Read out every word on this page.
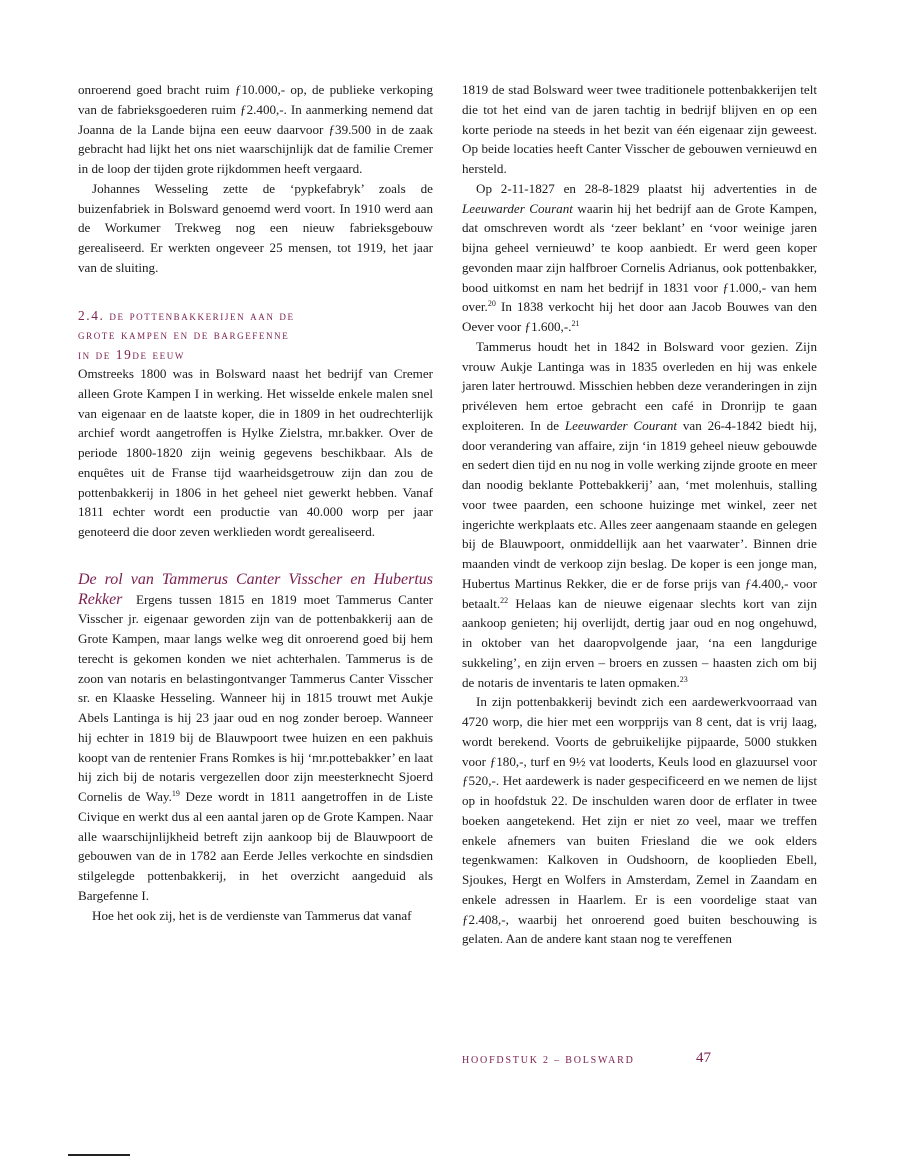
onroerend goed bracht ruim ƒ10.000,- op, de publieke verkoping van de fabrieksgoederen ruim ƒ2.400,-. In aanmerking nemend dat Joanna de la Lande bijna een eeuw daarvoor ƒ39.500 in de zaak gebracht had lijkt het ons niet waarschijnlijk dat de familie Cremer in de loop der tijden grote rijkdommen heeft vergaard.

Johannes Wesseling zette de ‘pypkefabryk’ zoals de buizenfabriek in Bolsward genoemd werd voort. In 1910 werd aan de Workumer Trekweg nog een nieuw fabrieksgebouw gerealiseerd. Er werkten ongeveer 25 mensen, tot 1919, het jaar van de sluiting.

2.4. de pottenbakkerijen aan de
grote kampen en de bargefenne
in de 19de eeuw

Omstreeks 1800 was in Bolsward naast het bedrijf van Cremer alleen Grote Kampen I in werking. Het wisselde enkele malen snel van eigenaar en de laatste koper, die in 1809 in het oudrechterlijk archief wordt aangetroffen is Hylke Zielstra, mr.bakker. Over de periode 1800-1820 zijn weinig gegevens beschikbaar. Als de enquêtes uit de Franse tijd waarheidsgetrouw zijn dan zou de pottenbakkerij in 1806 in het geheel niet gewerkt hebben. Vanaf 1811 echter wordt een productie van 40.000 worp per jaar genoteerd die door zeven werklieden wordt gerealiseerd.

De rol van Tammerus Canter Visscher en Hubertus Rekker Ergens tussen 1815 en 1819 moet Tammerus Canter Visscher jr. eigenaar geworden zijn van de pottenbakkerij aan de Grote Kampen, maar langs welke weg dit onroerend goed bij hem terecht is gekomen konden we niet achterhalen. Tammerus is de zoon van notaris en belastingontvanger Tammerus Canter Visscher sr. en Klaaske Hesseling. Wanneer hij in 1815 trouwt met Aukje Abels Lantinga is hij 23 jaar oud en nog zonder beroep. Wanneer hij echter in 1819 bij de Blauwpoort twee huizen en een pakhuis koopt van de rentenier Frans Romkes is hij ‘mr.pottebakker’ en laat hij zich bij de notaris vergezellen door zijn meesterknecht Sjoerd Cornelis de Way.$^{19}$ Deze wordt in 1811 aangetroffen in de Liste Civique en werkt dus al een aantal jaren op de Grote Kampen. Naar alle waarschijnlijkheid betreft zijn aankoop bij de Blauwpoort de gebouwen van de in 1782 aan Eerde Jelles verkochte en sindsdien stilgelegde pottenbakkerij, in het overzicht aangeduid als Bargefenne I.

Hoe het ook zij, het is de verdienste van Tammerus dat vanaf

1819 de stad Bolsward weer twee traditionele pottenbakkerijen telt die tot het eind van de jaren tachtig in bedrijf blijven en op een korte periode na steeds in het bezit van één eigenaar zijn geweest. Op beide locaties heeft Canter Visscher de gebouwen vernieuwd en hersteld.

Op 2-11-1827 en 28-8-1829 plaatst hij advertenties in de Leeuwarder Courant waarin hij het bedrijf aan de Grote Kampen, dat omschreven wordt als ‘zeer beklant’ en ‘voor weinige jaren bijna geheel vernieuwd’ te koop aanbiedt. Er werd geen koper gevonden maar zijn halfbroer Cornelis Adrianus, ook pottenbakker, bood uitkomst en nam het bedrijf in 1831 voor ƒ1.000,- van hem over.$^{20}$ In 1838 verkocht hij het door aan Jacob Bouwes van den Oever voor ƒ1.600,-.$^{21}$

Tammerus houdt het in 1842 in Bolsward voor gezien. Zijn vrouw Aukje Lantinga was in 1835 overleden en hij was enkele jaren later hertrouwd. Misschien hebben deze veranderingen in zijn privéleven hem ertoe gebracht een café in Dronrijp te gaan exploiteren. In de Leeuwarder Courant van 26-4-1842 biedt hij, door verandering van affaire, zijn ‘in 1819 geheel nieuw gebouwde en sedert dien tijd en nu nog in volle werking zijnde groote en meer dan noodig beklante Pottebakkerij’ aan, ‘met molenhuis, stalling voor twee paarden, een schoone huizinge met winkel, zeer net ingerichte werkplaats etc. Alles zeer aangenaam staande en gelegen bij de Blauwpoort, onmiddellijk aan het vaarwater’. Binnen drie maanden vindt de verkoop zijn beslag. De koper is een jonge man, Hubertus Martinus Rekker, die er de forse prijs van ƒ4.400,- voor betaalt.$^{22}$ Helaas kan de nieuwe eigenaar slechts kort van zijn aankoop genieten; hij overlijdt, dertig jaar oud en nog ongehuwd, in oktober van het daaropvolgende jaar, ‘na een langdurige sukkeling’, en zijn erven – broers en zussen – haasten zich om bij de notaris de inventaris te laten opmaken.$^{23}$

In zijn pottenbakkerij bevindt zich een aardewerkvoorraad van 4720 worp, die hier met een worpprijs van 8 cent, dat is vrij laag, wordt berekend. Voorts de gebruikelijke pijpaarde, 5000 stukken voor ƒ180,-, turf en 9½ vat looderts, Keuls lood en glazuursel voor ƒ520,-. Het aardewerk is nader gespecificeerd en we nemen de lijst op in hoofdstuk 22. De inschulden waren door de erflater in twee boeken aangetekend. Het zijn er niet zo veel, maar we treffen enkele afnemers van buiten Friesland die we ook elders tegenkwamen: Kalkoven in Oudshoorn, de kooplieden Ebell, Sjoukes, Hergt en Wolfers in Amsterdam, Zemel in Zaandam en enkele adressen in Haarlem. Er is een voordelige staat van ƒ2.408,-, waarbij het onroerend goed buiten beschouwing is gelaten. Aan de andere kant staan nog te vereffenen

HOOFDSTUK 2 – BOLSWARD	47
